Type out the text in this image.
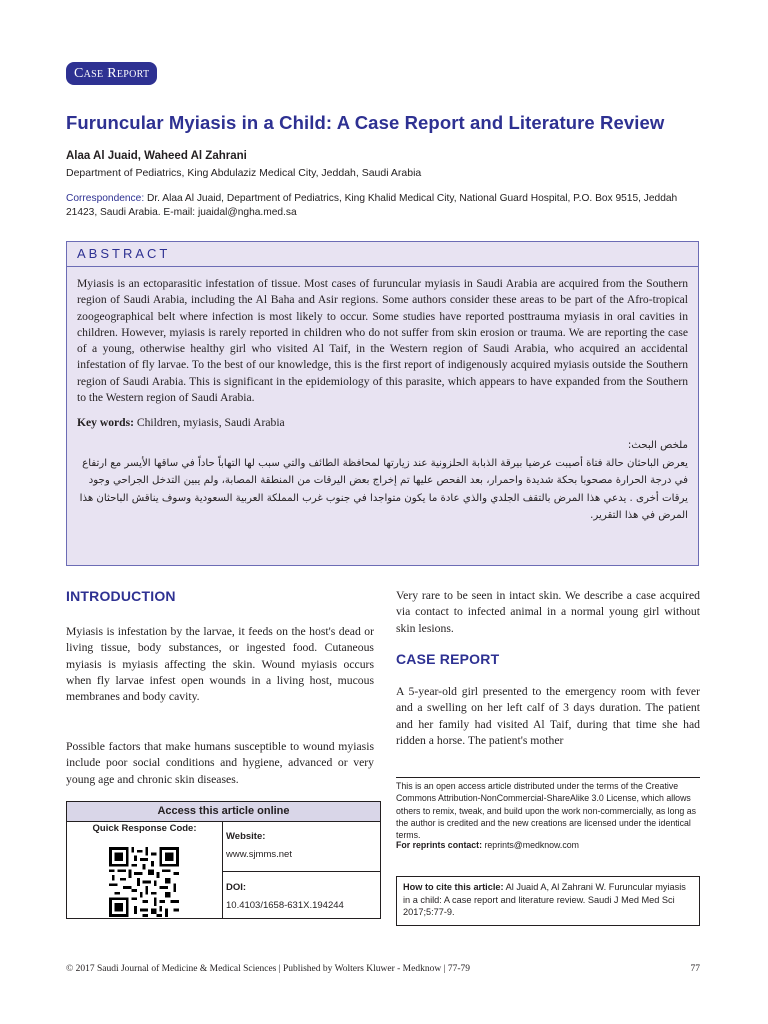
Case Report
Furuncular Myiasis in a Child: A Case Report and Literature Review
Alaa Al Juaid, Waheed Al Zahrani
Department of Pediatrics, King Abdulaziz Medical City, Jeddah, Saudi Arabia
Correspondence: Dr. Alaa Al Juaid, Department of Pediatrics, King Khalid Medical City, National Guard Hospital, P.O. Box 9515, Jeddah 21423, Saudi Arabia. E-mail: juaidal@ngha.med.sa
ABSTRACT
Myiasis is an ectoparasitic infestation of tissue. Most cases of furuncular myiasis in Saudi Arabia are acquired from the Southern region of Saudi Arabia, including the Al Baha and Asir regions. Some authors consider these areas to be part of the Afro-tropical zoogeographical belt where infection is most likely to occur. Some studies have reported posttrauma myiasis in oral cavities in children. However, myiasis is rarely reported in children who do not suffer from skin erosion or trauma. We are reporting the case of a young, otherwise healthy girl who visited Al Taif, in the Western region of Saudi Arabia, who acquired an accidental infestation of fly larvae. To the best of our knowledge, this is the first report of indigenously acquired myiasis outside the Southern region of Saudi Arabia. This is significant in the epidemiology of this parasite, which appears to have expanded from the Southern to the Western region of Saudi Arabia.
Key words: Children, myiasis, Saudi Arabia
ملخص البحث:
يعرض الباحثان حالة فتاة أصيبت عرضيا بيرقة الذبابة الحلزونية عند زيارتها لمحافظة الطائف والتي سبب لها التهاباً حاداً في ساقها الأيسر مع ارتفاع في درجة الحرارة مصحوبا بحكة شديدة واحمرار، بعد الفحص عليها تم إخراج بعض اليرقات من المنطقة المصابة، ولم يبين التدخل الجراحي وجود يرقات أخرى . يدعي هذا المرض بالتقف الجلدي والذي عادة ما يكون متواجدا في جنوب غرب المملكة العربية السعودية وسوف يناقش الباحثان هذا المرض في هذا التقرير.
INTRODUCTION
Myiasis is infestation by the larvae, it feeds on the host's dead or living tissue, body substances, or ingested food. Cutaneous myiasis is myiasis affecting the skin. Wound myiasis occurs when fly larvae infest open wounds in a living host, mucous membranes and body cavity.
Possible factors that make humans susceptible to wound myiasis include poor social conditions and hygiene, advanced or very young age and chronic skin diseases.
Very rare to be seen in intact skin. We describe a case acquired via contact to infected animal in a normal young girl without skin lesions.
CASE REPORT
A 5-year-old girl presented to the emergency room with fever and a swelling on her left calf of 3 days duration. The patient and her family had visited Al Taif, during that time she had ridden a horse. The patient's mother
Access this article online
Quick Response Code:
Website:
www.sjmms.net
DOI:
10.4103/1658-631X.194244
This is an open access article distributed under the terms of the Creative Commons Attribution-NonCommercial-ShareAlike 3.0 License, which allows others to remix, tweak, and build upon the work non-commercially, as long as the author is credited and the new creations are licensed under the identical terms.
For reprints contact: reprints@medknow.com
How to cite this article: Al Juaid A, Al Zahrani W. Furuncular myiasis in a child: A case report and literature review. Saudi J Med Med Sci 2017;5:77-9.
© 2017 Saudi Journal of Medicine & Medical Sciences | Published by Wolters Kluwer - Medknow | 77-79	77
